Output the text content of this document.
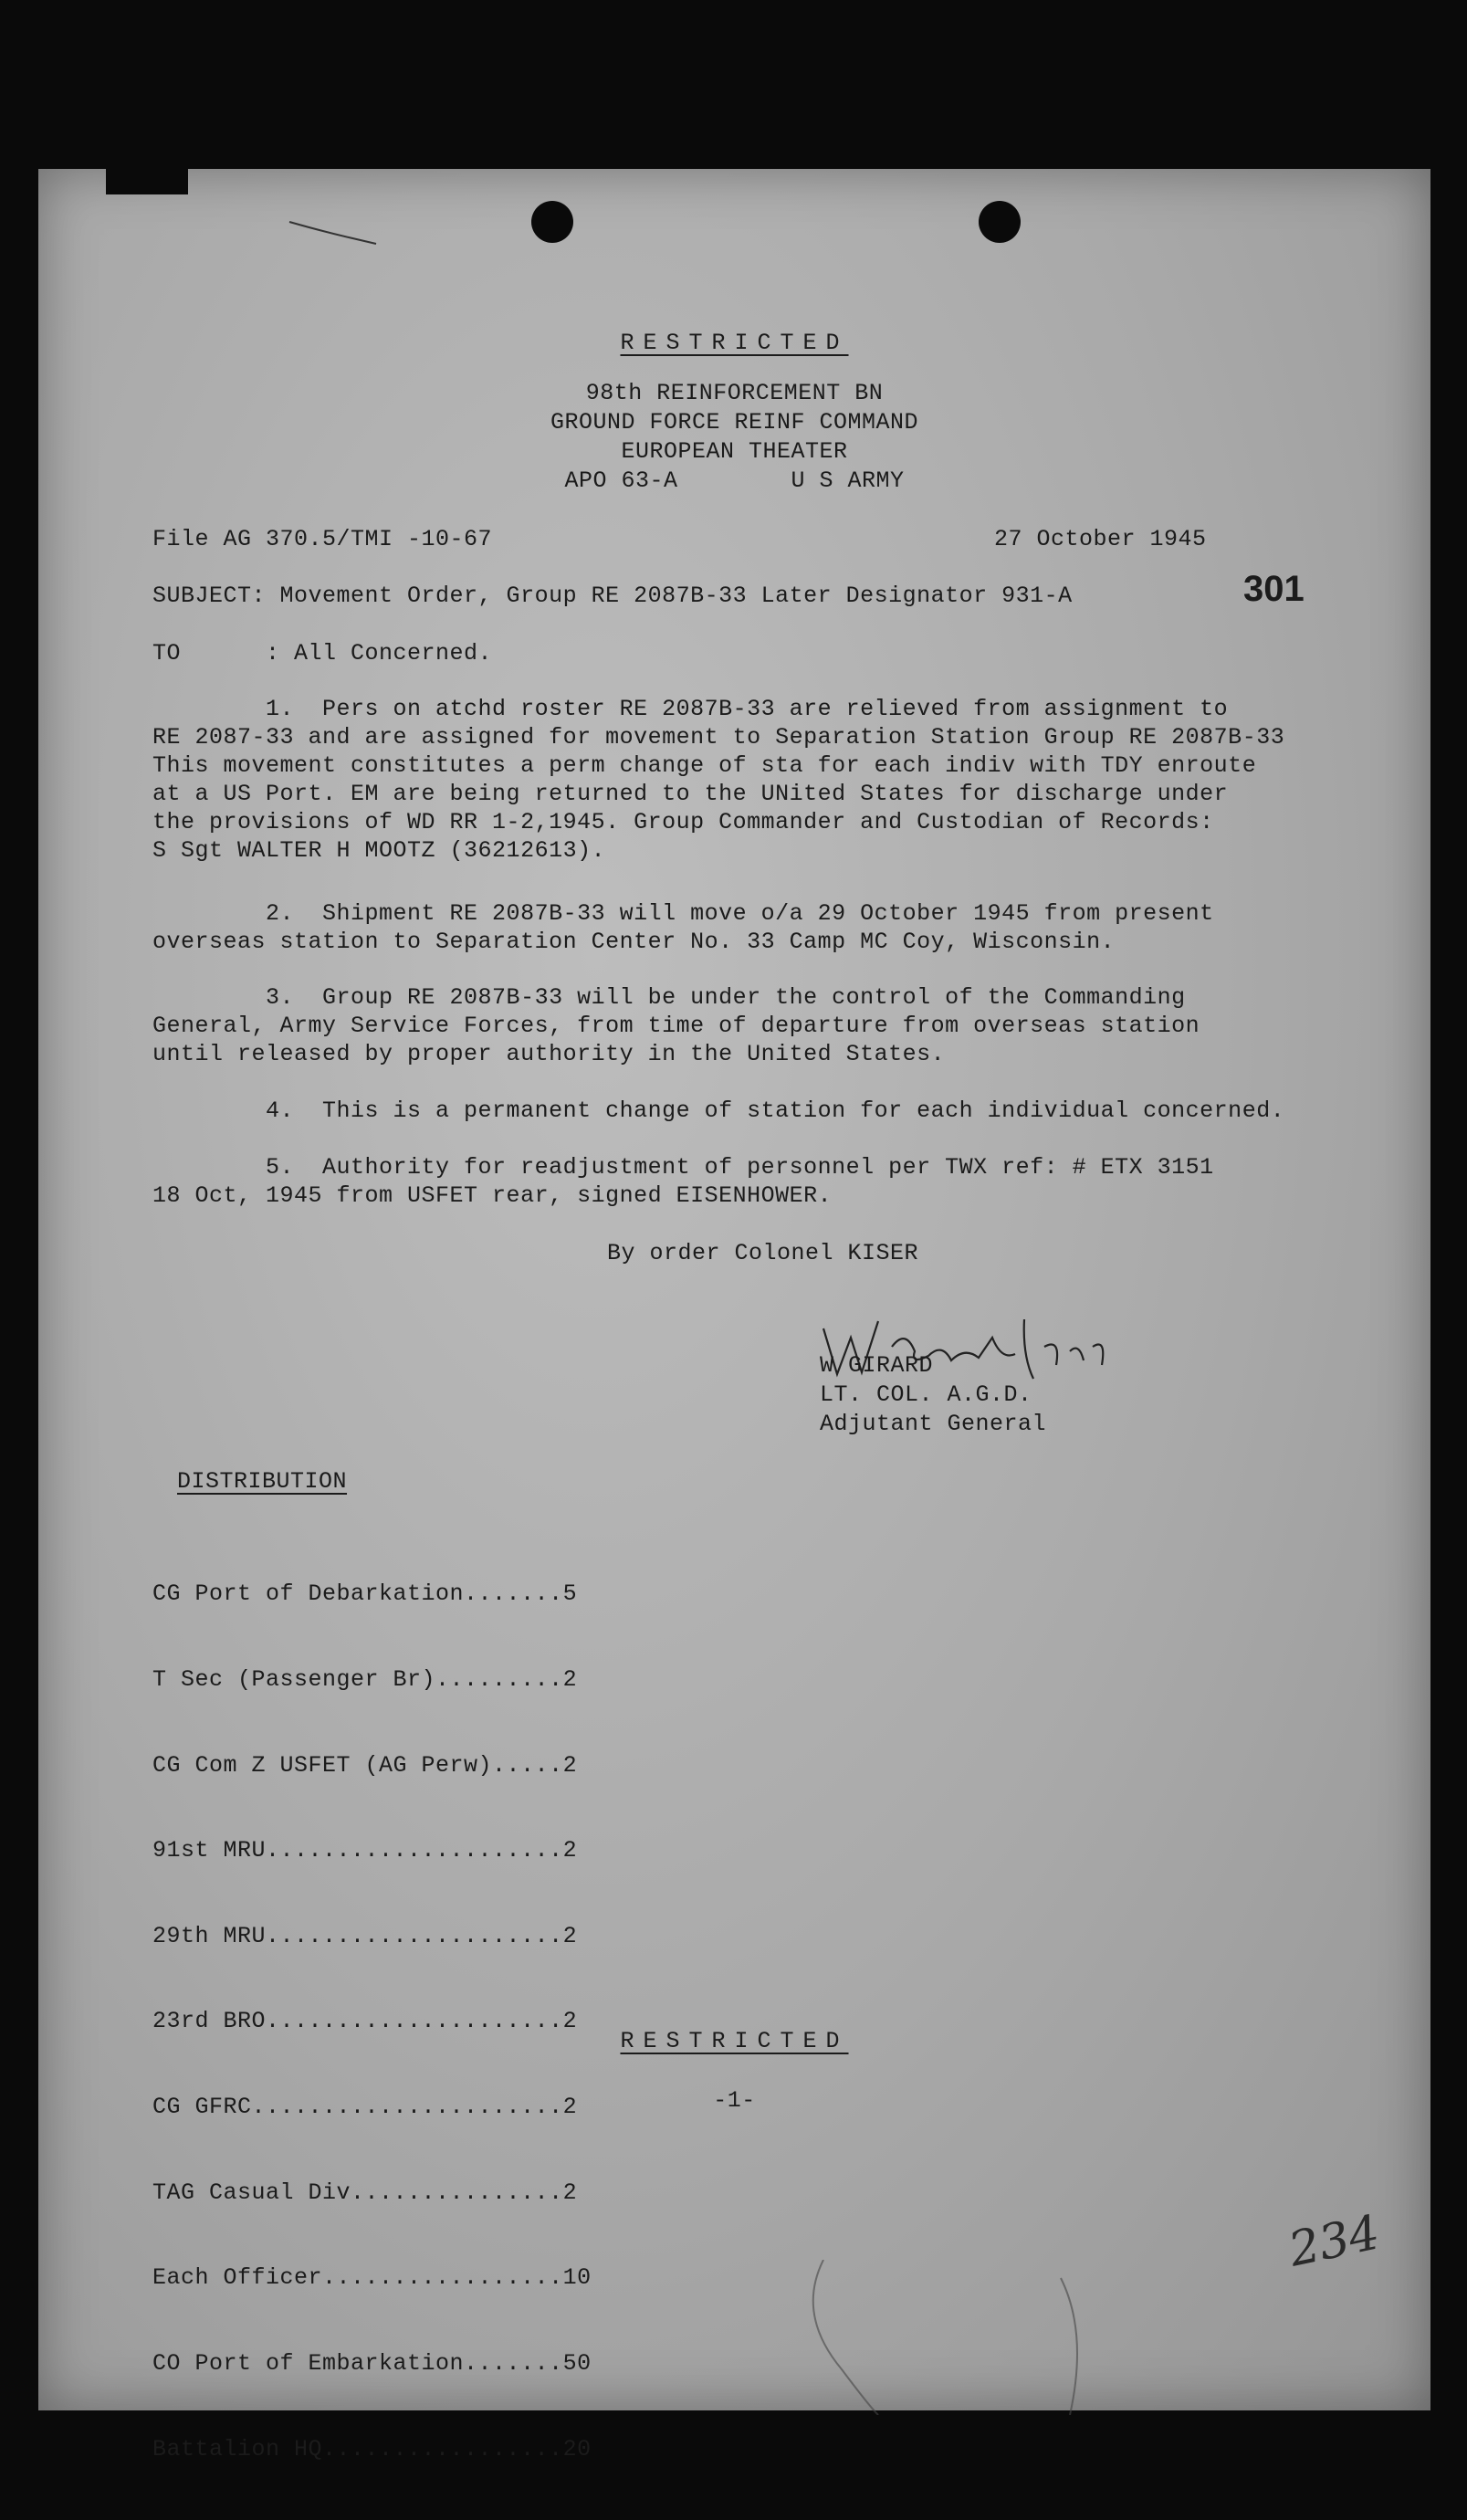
RESTRICTED
98th REINFORCEMENT BN
GROUND FORCE REINF COMMAND
EUROPEAN THEATER
APO 63-A        U S ARMY
File AG 370.5/TMI -10-67	27 October 1945
301
SUBJECT: Movement Order, Group RE 2087B-33 Later Designator 931-A
TO      : All Concerned.
1.  Pers on atchd roster RE 2087B-33 are relieved from assignment to
RE 2087-33 and are assigned for movement to Separation Station Group RE 2087B-33
This movement constitutes a perm change of sta for each indiv with TDY enroute
at a US Port. EM are being returned to the UNited States for discharge under
the provisions of WD RR 1-2,1945. Group Commander and Custodian of Records:
S Sgt WALTER H MOOTZ (36212613).
2.  Shipment RE 2087B-33 will move o/a 29 October 1945 from present
overseas station to Separation Center No. 33 Camp MC Coy, Wisconsin.
3.  Group RE 2087B-33 will be under the control of the Commanding
General, Army Service Forces, from time of departure from overseas station
until released by proper authority in the United States.
4.  This is a permanent change of station for each individual concerned.
5.  Authority for readjustment of personnel per TWX ref: # ETX 3151
18 Oct, 1945 from USFET rear, signed EISENHOWER.
By order Colonel KISER
W GIRARD
LT. COL. A.G.D.
Adjutant General
DISTRIBUTION

CG Port of Debarkation.......5

T Sec (Passenger Br).........2

CG Com Z USFET (AG Perw).....2

91st MRU.....................2

29th MRU.....................2

23rd BRO.....................2

CG GFRC......................2

TAG Casual Div...............2

Each Officer.................10

CO Port of Embarkation.......50

Battalion HQ.................20

RESTRICTED
-1-
234
